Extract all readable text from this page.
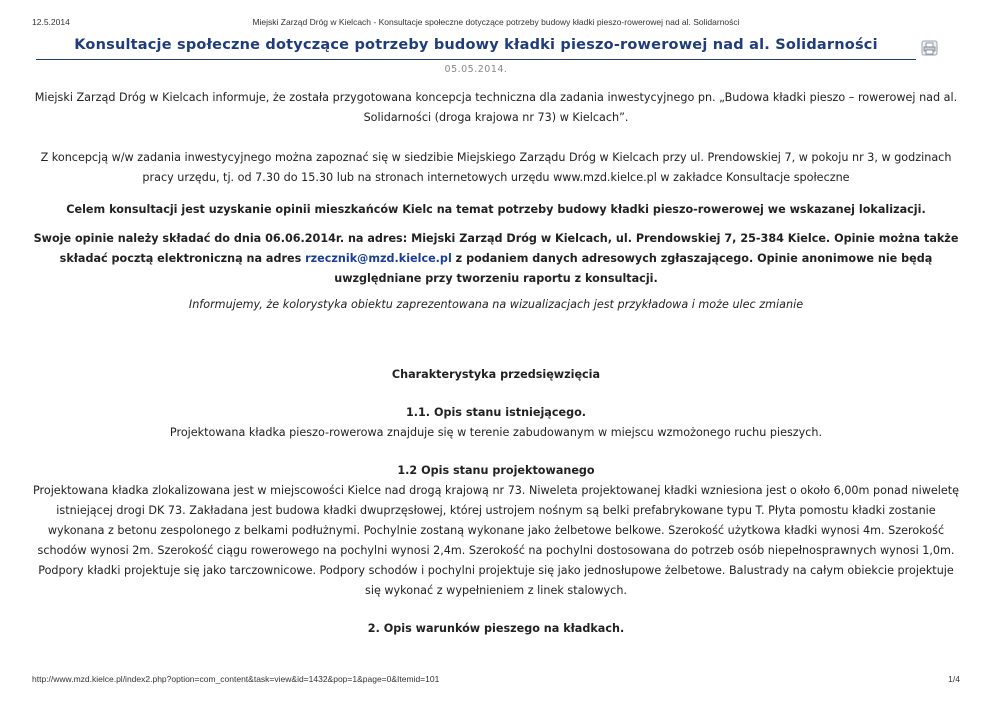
12.5.2014	Miejski Zarząd Dróg w Kielcach - Konsultacje społeczne dotyczące potrzeby budowy kładki pieszo-rowerowej nad al. Solidarności
Konsultacje społeczne dotyczące potrzeby budowy kładki pieszo-rowerowej nad al. Solidarności
05.05.2014.

Miejski Zarząd Dróg w Kielcach informuje, że została przygotowana koncepcja techniczna dla zadania inwestycyjnego pn. „Budowa kładki pieszo – rowerowej nad al. Solidarności (droga krajowa nr 73) w Kielcach”.

Z koncepcją w/w zadania inwestycyjnego można zapoznać się w siedzibie Miejskiego Zarządu Dróg w Kielcach przy ul. Prendowskiej 7, w pokoju nr 3, w godzinach pracy urzędu, tj. od 7.30 do 15.30 lub na stronach internetowych urzędu www.mzd.kielce.pl w zakładce Konsultacje społeczne

Celem konsultacji jest uzyskanie opinii mieszkańców Kielc na temat potrzeby budowy kładki pieszo-rowerowej we wskazanej lokalizacji.

Swoje opinie należy składać do dnia 06.06.2014r. na adres: Miejski Zarząd Dróg w Kielcach, ul. Prendowskiej 7, 25-384 Kielce. Opinie można także składać pocztą elektroniczną na adres rzecznik@mzd.kielce.pl z podaniem danych adresowych zgłaszającego. Opinie anonimowe nie będą uwzględniane przy tworzeniu raportu z konsultacji.

Informujemy, że kolorystyka obiektu zaprezentowana na wizualizacjach jest przykładowa i może ulec zmianie

Charakterystyka przedsięwzięcia

1.1. Opis stanu istniejącego.

Projektowana kładka pieszo-rowerowa znajduje się w terenie zabudowanym w miejscu wzmożonego ruchu pieszych.

1.2 Opis stanu projektowanego

Projektowana kładka zlokalizowana jest w miejscowości Kielce nad drogą krajową nr 73. Niweleta projektowanej kładki wzniesiona jest o około 6,00m ponad niweletę istniejącej drogi DK 73. Zakładana jest budowa kładki dwuprzęsłowej, której ustrojem nośnym są belki prefabrykowane typu T. Płyta pomostu kładki zostanie wykonana z betonu zespolonego z belkami podłużnymi. Pochylnie zostaną wykonane jako żelbetowe belkowe. Szerokość użytkowa kładki wynosi 4m. Szerokość schodów wynosi 2m. Szerokość ciągu rowerowego na pochylni wynosi 2,4m. Szerokość na pochylni dostosowana do potrzeb osób niepełnosprawnych wynosi 1,0m. Podpory kładki projektuje się jako tarczownicowe. Podpory schodów i pochylni projektuje się jako jednosłupowe żelbetowe. Balustrady na całym obiekcie projektuje się wykonać z wypełnieniem z linek stalowych.

2. Opis warunków pieszego na kładkach.

http://www.mzd.kielce.pl/index2.php?option=com_content&task=view&id=1432&pop=1&page=0&Itemid=101	1/4
